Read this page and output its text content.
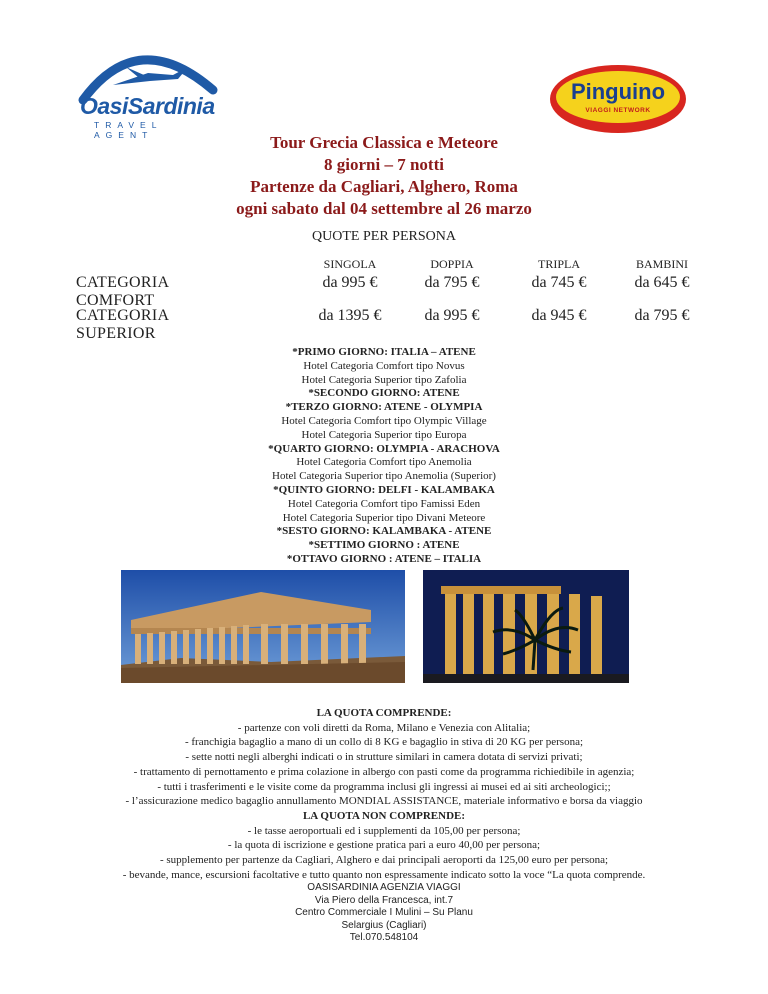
OasiSardinia
TRAVEL AGENT
Pinguino
VIAGGI NETWORK
Tour Grecia Classica e Meteore
8 giorni – 7 notti
Partenze da Cagliari, Alghero, Roma
ogni sabato dal 04 settembre al 26 marzo
QUOTE PER PERSONA
SINGOLA	DOPPIA	TRIPLA	BAMBINI
CATEGORIA COMFORT
da 995 €	da 795 €	da 745 €	da 645 €
CATEGORIA SUPERIOR
da 1395 €	da 995 €	da 945 €	da 795 €
*PRIMO GIORNO: ITALIA – ATENE
Hotel Categoria Comfort tipo Novus
Hotel Categoria Superior tipo Zafolia
*SECONDO GIORNO: ATENE
*TERZO GIORNO: ATENE - OLYMPIA
Hotel Categoria Comfort tipo Olympic Village
Hotel Categoria Superior tipo Europa
*QUARTO GIORNO: OLYMPIA - ARACHOVA
Hotel Categoria Comfort tipo Anemolia
Hotel Categoria Superior tipo Anemolia (Superior)
*QUINTO GIORNO: DELFI - KALAMBAKA
Hotel Categoria Comfort tipo Famissi Eden
Hotel Categoria Superior tipo Divani Meteore
*SESTO GIORNO: KALAMBAKA - ATENE
*SETTIMO GIORNO : ATENE
*OTTAVO GIORNO : ATENE – ITALIA
LA QUOTA COMPRENDE:
- partenze con voli diretti da Roma, Milano e Venezia con Alitalia;
- franchigia bagaglio a mano di un collo di 8 KG e bagaglio in stiva di 20 KG per persona;
- sette notti negli alberghi indicati o in strutture similari in camera dotata di servizi privati;
- trattamento di pernottamento e prima colazione in albergo con pasti come da programma richiedibile in agenzia;
- tutti i trasferimenti e le visite come da programma inclusi gli ingressi ai musei ed ai siti archeologici;;
- l’assicurazione medico bagaglio annullamento MONDIAL ASSISTANCE, materiale informativo e borsa da viaggio
LA QUOTA NON COMPRENDE:
- le tasse aeroportuali ed i supplementi da 105,00 per persona;
- la quota di iscrizione e gestione pratica pari a euro 40,00 per persona;
- supplemento per partenze da Cagliari, Alghero e dai principali aeroporti da 125,00 euro per persona;
- bevande, mance, escursioni facoltative e tutto quanto non espressamente indicato sotto la voce “La quota comprende.
OASISARDINIA AGENZIA VIAGGI
Via Piero della Francesca, int.7
Centro Commerciale I Mulini – Su Planu
Selargius (Cagliari)
Tel.070.548104
